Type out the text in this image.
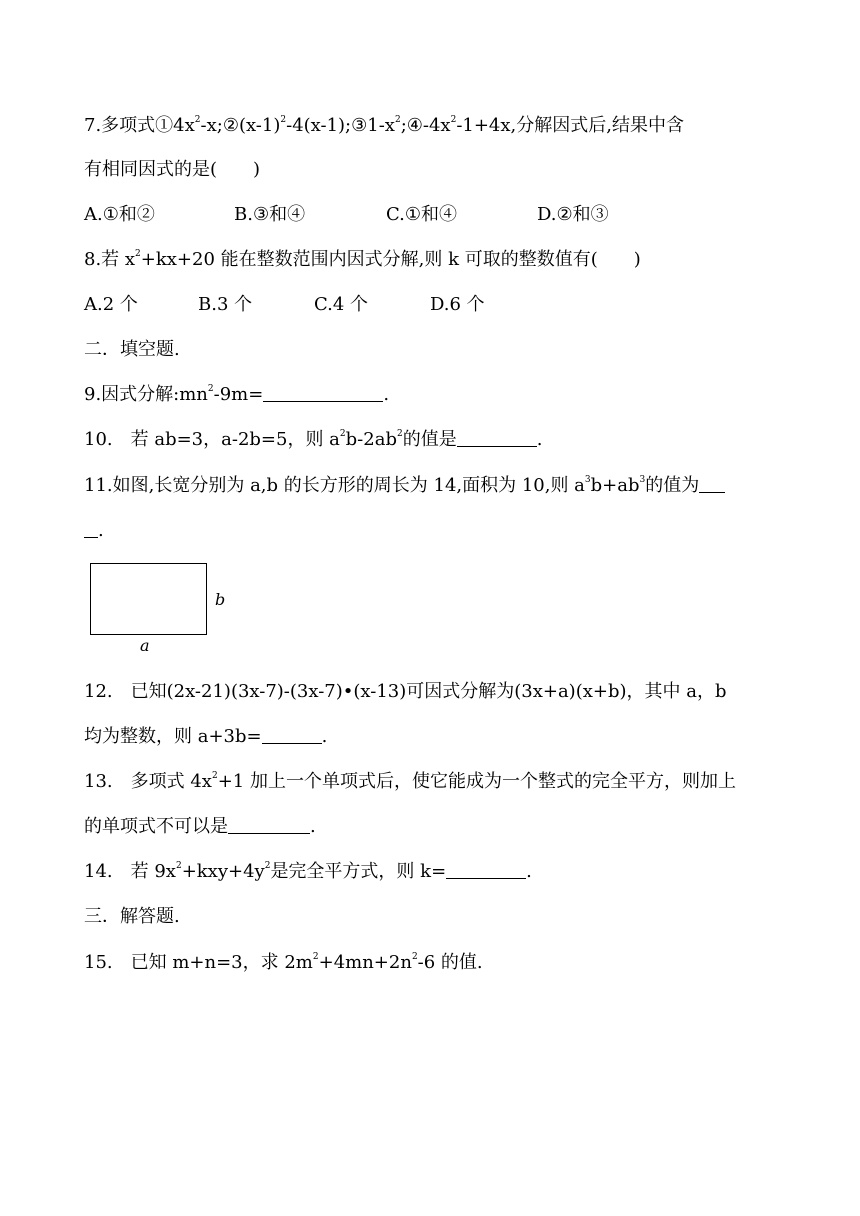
7.多项式$①4x^2-x;②(x-1)^2-4(x-1);③1-x^2;④-4x^2-1+4x$,分解因式后,结果中含
有相同因式的是(　　)
A.①和②	B.③和④	C.①和④	D.②和③
8.若 $x^2+kx+20$ 能在整数范围内因式分解,则 k 可取的整数值有(　　)
A.2 个	B.3 个	C.4 个	D.6 个
二．填空题.
9.因式分解$:mn^2-9m=$	.
10.　若 ab=3，a-2b=5，则 $a^2b-2ab^2$的值是	.
11.如图,长宽分别为 a,b 的长方形的周长为 14,面积为 10,则 $a^3b+ab^3$的值为
.
b
a
12.　已知(2x-21)(3x-7)-(3x-7)•(x-13)可因式分解为(3x+a)(x+b)，其中 a，b
均为整数，则 a+3b=	.
13.　多项式 $4x^2+1$ 加上一个单项式后，使它能成为一个整式的完全平方，则加上
的单项式不可以是	.
14.　若 $9x^2+kxy+4y^2$是完全平方式，则 k=	.
三．解答题.
15.　已知 m+n=3，求 $2m^2+4mn+2n^2-6$ 的值.
